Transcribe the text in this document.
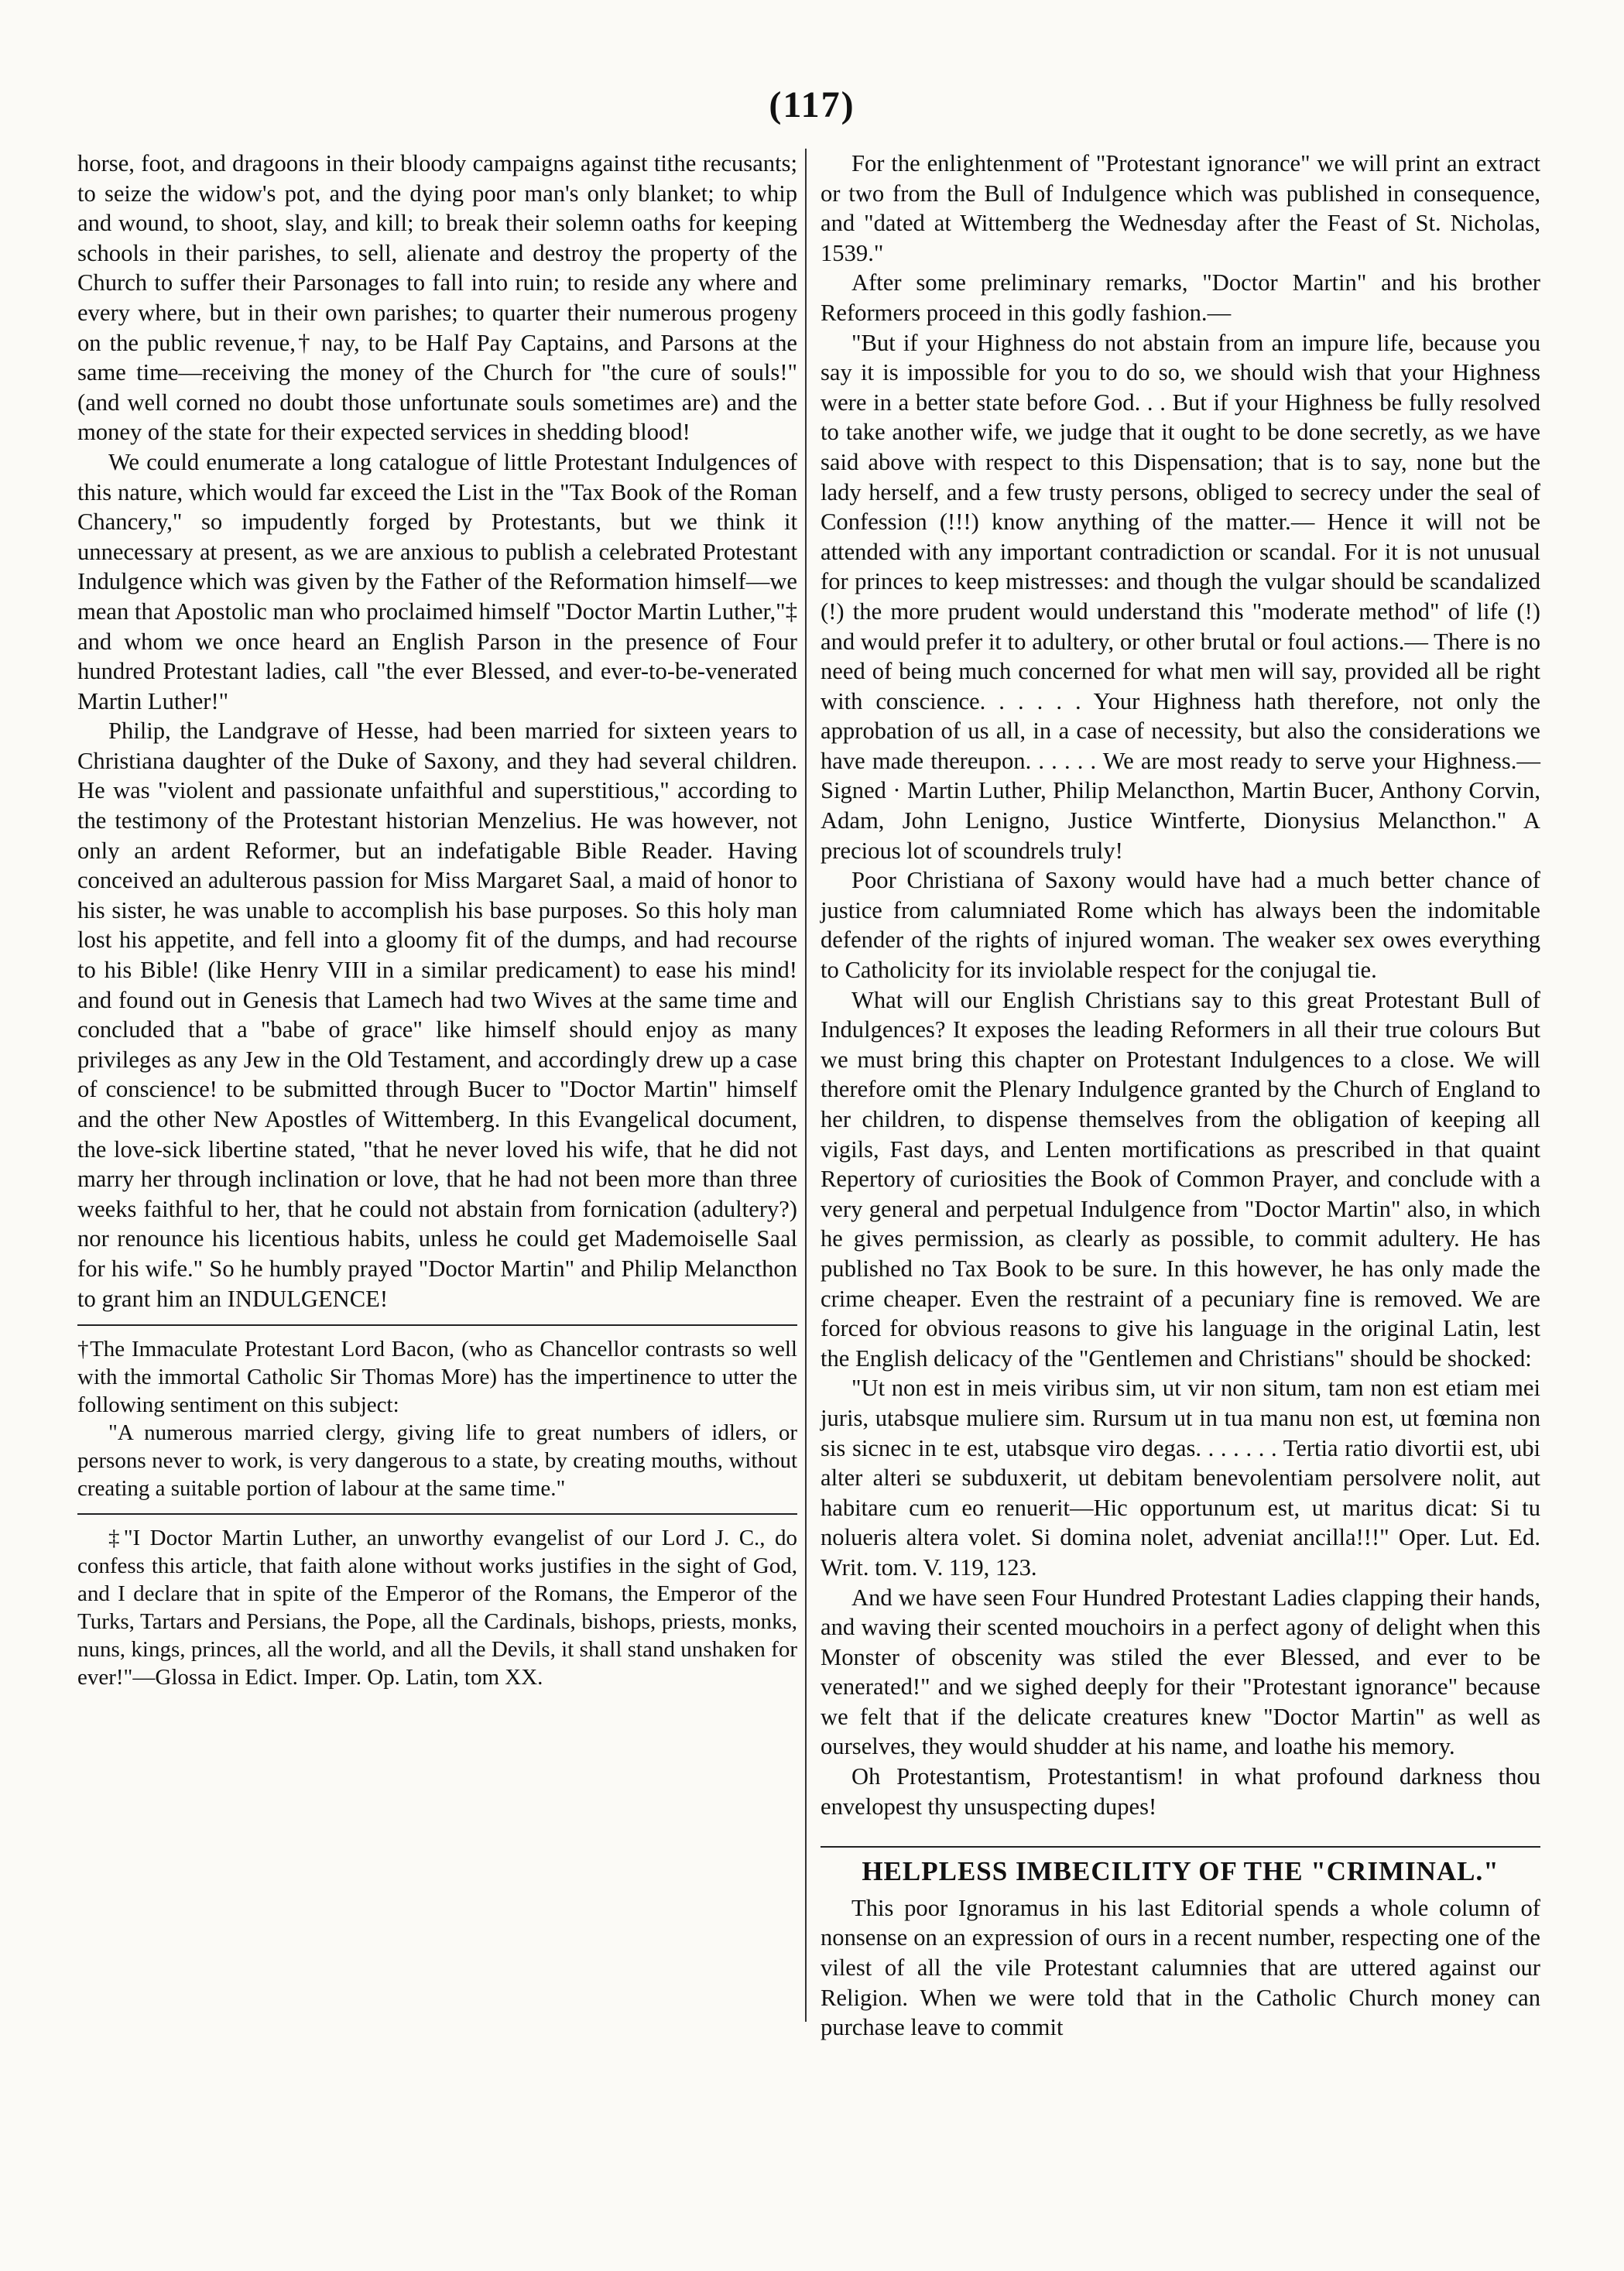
(117)

horse, foot, and dragoons in their bloody campaigns against tithe recusants; to seize the widow's pot, and the dying poor man's only blanket; to whip and wound, to shoot, slay, and kill; to break their solemn oaths for keeping schools in their parishes, to sell, alienate and destroy the property of the Church to suffer their Parsonages to fall into ruin; to reside any where and every where, but in their own parishes; to quarter their numerous progeny on the public revenue,† nay, to be Half Pay Captains, and Parsons at the same time—receiving the money of the Church for "the cure of souls!" (and well corned no doubt those unfortunate souls sometimes are) and the money of the state for their expected services in shedding blood!

We could enumerate a long catalogue of little Protestant Indulgences of this nature, which would far exceed the List in the "Tax Book of the Roman Chancery," so impudently forged by Protestants, but we think it unnecessary at present, as we are anxious to publish a celebrated Protestant Indulgence which was given by the Father of the Reformation himself—we mean that Apostolic man who proclaimed himself "Doctor Martin Luther,"‡ and whom we once heard an English Parson in the presence of Four hundred Protestant ladies, call "the ever Blessed, and ever-to-be-venerated Martin Luther!"

Philip, the Landgrave of Hesse, had been married for sixteen years to Christiana daughter of the Duke of Saxony, and they had several children. He was "violent and passionate unfaithful and superstitious," according to the testimony of the Protestant historian Menzelius. He was however, not only an ardent Reformer, but an indefatigable Bible Reader. Having conceived an adulterous passion for Miss Margaret Saal, a maid of honor to his sister, he was unable to accomplish his base purposes. So this holy man lost his appetite, and fell into a gloomy fit of the dumps, and had recourse to his Bible! (like Henry VIII in a similar predicament) to ease his mind! and found out in Genesis that Lamech had two Wives at the same time and concluded that a "babe of grace" like himself should enjoy as many privileges as any Jew in the Old Testament, and accordingly drew up a case of conscience! to be submitted through Bucer to "Doctor Martin" himself and the other New Apostles of Wittemberg. In this Evangelical document, the love-sick libertine stated, "that he never loved his wife, that he did not marry her through inclination or love, that he had not been more than three weeks faithful to her, that he could not abstain from fornication (adultery?) nor renounce his licentious habits, unless he could get Mademoiselle Saal for his wife." So he humbly prayed "Doctor Martin" and Philip Melancthon to grant him an INDULGENCE!

†The Immaculate Protestant Lord Bacon, (who as Chancellor contrasts so well with the immortal Catholic Sir Thomas More) has the impertinence to utter the following sentiment on this subject:

"A numerous married clergy, giving life to great numbers of idlers, or persons never to work, is very dangerous to a state, by creating mouths, without creating a suitable portion of labour at the same time."

‡"I Doctor Martin Luther, an unworthy evangelist of our Lord J. C., do confess this article, that faith alone without works justifies in the sight of God, and I declare that in spite of the Emperor of the Romans, the Emperor of the Turks, Tartars and Persians, the Pope, all the Cardinals, bishops, priests, monks, nuns, kings, princes, all the world, and all the Devils, it shall stand unshaken for ever!"—Glossa in Edict. Imper. Op. Latin, tom XX.

For the enlightenment of "Protestant ignorance" we will print an extract or two from the Bull of Indulgence which was published in consequence, and "dated at Wittemberg the Wednesday after the Feast of St. Nicholas, 1539."

After some preliminary remarks, "Doctor Martin" and his brother Reformers proceed in this godly fashion.—

"But if your Highness do not abstain from an impure life, because you say it is impossible for you to do so, we should wish that your Highness were in a better state before God. . . But if your Highness be fully resolved to take another wife, we judge that it ought to be done secretly, as we have said above with respect to this Dispensation; that is to say, none but the lady herself, and a few trusty persons, obliged to secrecy under the seal of Confession (!!!) know anything of the matter.— Hence it will not be attended with any important contradiction or scandal. For it is not unusual for princes to keep mistresses: and though the vulgar should be scandalized (!) the more prudent would understand this "moderate method" of life (!) and would prefer it to adultery, or other brutal or foul actions.— There is no need of being much concerned for what men will say, provided all be right with conscience. . . . . . Your Highness hath therefore, not only the approbation of us all, in a case of necessity, but also the considerations we have made thereupon. . . . . . We are most ready to serve your Highness.— Signed · Martin Luther, Philip Melancthon, Martin Bucer, Anthony Corvin, Adam, John Lenigno, Justice Wintferte, Dionysius Melancthon." A precious lot of scoundrels truly!

Poor Christiana of Saxony would have had a much better chance of justice from calumniated Rome which has always been the indomitable defender of the rights of injured woman. The weaker sex owes everything to Catholicity for its inviolable respect for the conjugal tie.

What will our English Christians say to this great Protestant Bull of Indulgences? It exposes the leading Reformers in all their true colours But we must bring this chapter on Protestant Indulgences to a close. We will therefore omit the Plenary Indulgence granted by the Church of England to her children, to dispense themselves from the obligation of keeping all vigils, Fast days, and Lenten mortifications as prescribed in that quaint Repertory of curiosities the Book of Common Prayer, and conclude with a very general and perpetual Indulgence from "Doctor Martin" also, in which he gives permission, as clearly as possible, to commit adultery. He has published no Tax Book to be sure. In this however, he has only made the crime cheaper. Even the restraint of a pecuniary fine is removed. We are forced for obvious reasons to give his language in the original Latin, lest the English delicacy of the "Gentlemen and Christians" should be shocked:

"Ut non est in meis viribus sim, ut vir non situm, tam non est etiam mei juris, utabsque muliere sim. Rursum ut in tua manu non est, ut fœmina non sis sicnec in te est, utabsque viro degas. . . . . . . Tertia ratio divortii est, ubi alter alteri se subduxerit, ut debitam benevolentiam persolvere nolit, aut habitare cum eo renuerit—Hic opportunum est, ut maritus dicat: Si tu nolueris altera volet. Si domina nolet, adveniat ancilla!!!" Oper. Lut. Ed. Writ. tom. V. 119, 123.

And we have seen Four Hundred Protestant Ladies clapping their hands, and waving their scented mouchoirs in a perfect agony of delight when this Monster of obscenity was stiled the ever Blessed, and ever to be venerated!" and we sighed deeply for their "Protestant ignorance" because we felt that if the delicate creatures knew "Doctor Martin" as well as ourselves, they would shudder at his name, and loathe his memory.

Oh Protestantism, Protestantism! in what profound darkness thou envelopest thy unsuspecting dupes!

HELPLESS IMBECILITY OF THE "CRIMINAL."

This poor Ignoramus in his last Editorial spends a whole column of nonsense on an expression of ours in a recent number, respecting one of the vilest of all the vile Protestant calumnies that are uttered against our Religion. When we were told that in the Catholic Church money can purchase leave to commit
